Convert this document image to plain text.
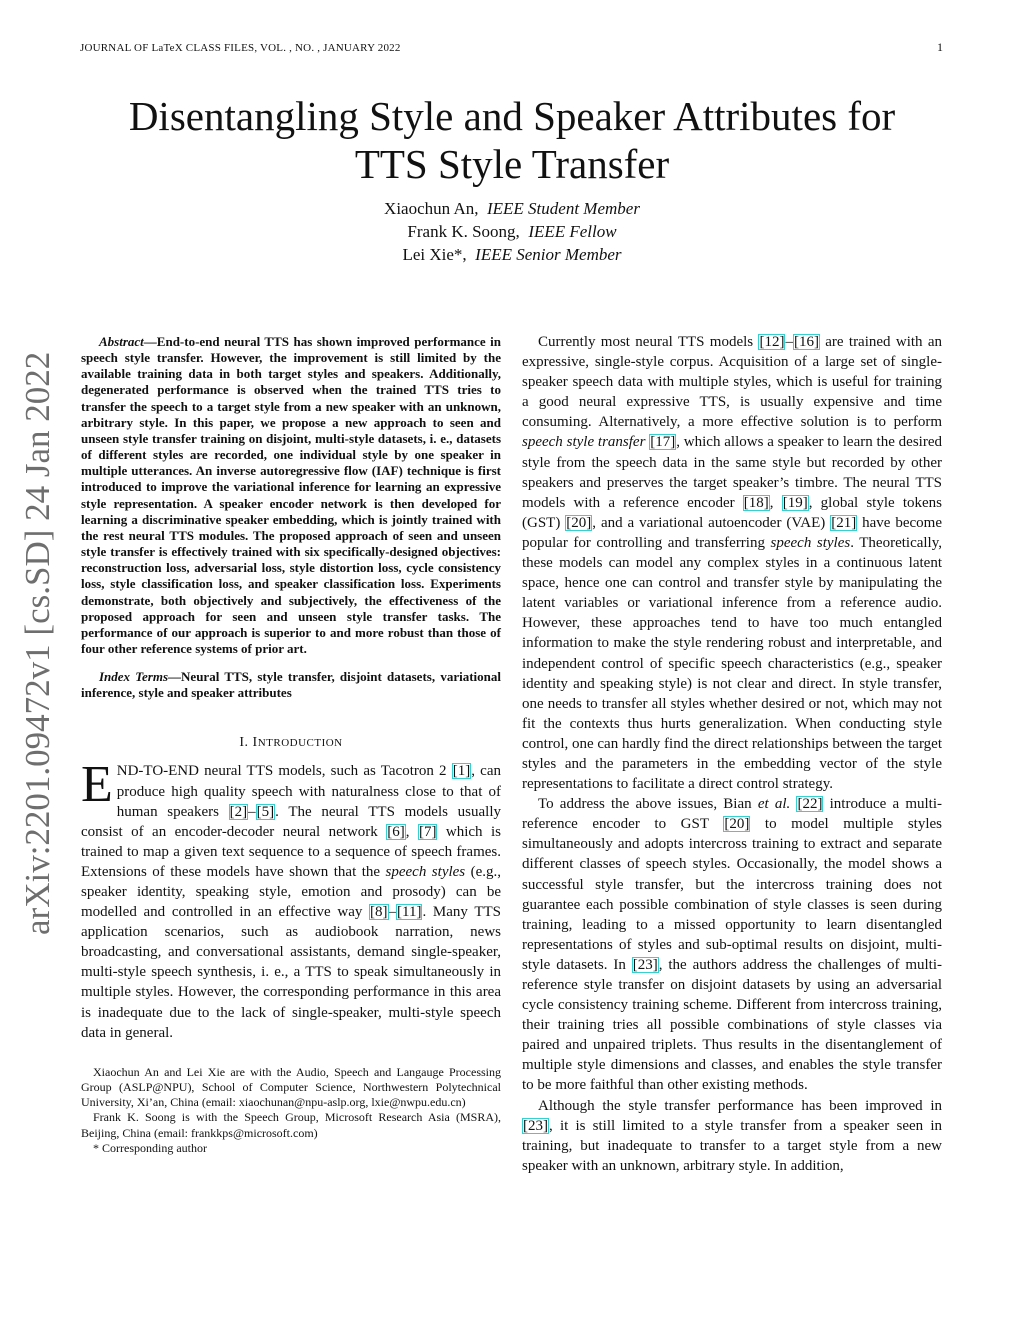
JOURNAL OF LaTeX CLASS FILES, VOL. , NO. , JANUARY 2022	1
Disentangling Style and Speaker Attributes for
TTS Style Transfer
Xiaochun An, IEEE Student Member
Frank K. Soong, IEEE Fellow
Lei Xie*, IEEE Senior Member
arXiv:2201.09472v1 [cs.SD] 24 Jan 2022

Abstract—End-to-end neural TTS has shown improved performance in speech style transfer. However, the improvement is still limited by the available training data in both target styles and speakers. Additionally, degenerated performance is observed when the trained TTS tries to transfer the speech to a target style from a new speaker with an unknown, arbitrary style. In this paper, we propose a new approach to seen and unseen style transfer training on disjoint, multi-style datasets, i. e., datasets of different styles are recorded, one individual style by one speaker in multiple utterances. An inverse autoregressive flow (IAF) technique is first introduced to improve the variational inference for learning an expressive style representation. A speaker encoder network is then developed for learning a discriminative speaker embedding, which is jointly trained with the rest neural TTS modules. The proposed approach of seen and unseen style transfer is effectively trained with six specifically-designed objectives: reconstruction loss, adversarial loss, style distortion loss, cycle consistency loss, style classification loss, and speaker classification loss. Experiments demonstrate, both objectively and subjectively, the effectiveness of the proposed approach for seen and unseen style transfer tasks. The performance of our approach is superior to and more robust than those of four other reference systems of prior art.

Index Terms—Neural TTS, style transfer, disjoint datasets, variational inference, style and speaker attributes

I. INTRODUCTION

END-TO-END neural TTS models, such as Tacotron 2 [1], can produce high quality speech with naturalness close to that of human speakers [2]–[5]. The neural TTS models usually consist of an encoder-decoder neural network [6], [7] which is trained to map a given text sequence to a sequence of speech frames. Extensions of these models have shown that the speech styles (e.g., speaker identity, speaking style, emotion and prosody) can be modelled and controlled in an effective way [8]–[11]. Many TTS application scenarios, such as audiobook narration, news broadcasting, and conversational assistants, demand single-speaker, multi-style speech synthesis, i. e., a TTS to speak simultaneously in multiple styles. However, the corresponding performance in this area is inadequate due to the lack of single-speaker, multi-style speech data in general.

Xiaochun An and Lei Xie are with the Audio, Speech and Langauge Processing Group (ASLP@NPU), School of Computer Science, Northwestern Polytechnical University, Xi’an, China (email: xiaochunan@npu-aslp.org, lxie@nwpu.edu.cn)

Frank K. Soong is with the Speech Group, Microsoft Research Asia (MSRA), Beijing, China (email: frankkps@microsoft.com)

* Corresponding author

Currently most neural TTS models [12]–[16] are trained with an expressive, single-style corpus. Acquisition of a large set of single-speaker speech data with multiple styles, which is useful for training a good neural expressive TTS, is usually expensive and time consuming. Alternatively, a more effective solution is to perform speech style transfer [17], which allows a speaker to learn the desired style from the speech data in the same style but recorded by other speakers and preserves the target speaker’s timbre. The neural TTS models with a reference encoder [18], [19], global style tokens (GST) [20], and a variational autoencoder (VAE) [21] have become popular for controlling and transferring speech styles. Theoretically, these models can model any complex styles in a continuous latent space, hence one can control and transfer style by manipulating the latent variables or variational inference from a reference audio. However, these approaches tend to have too much entangled information to make the style rendering robust and interpretable, and independent control of specific speech characteristics (e.g., speaker identity and speaking style) is not clear and direct. In style transfer, one needs to transfer all styles whether desired or not, which may not fit the contexts thus hurts generalization. When conducting style control, one can hardly find the direct relationships between the target styles and the parameters in the embedding vector of the style representations to facilitate a direct control strategy.

To address the above issues, Bian et al. [22] introduce a multi-reference encoder to GST [20] to model multiple styles simultaneously and adopts intercross training to extract and separate different classes of speech styles. Occasionally, the model shows a successful style transfer, but the intercross training does not guarantee each possible combination of style classes is seen during training, leading to a missed opportunity to learn disentangled representations of styles and sub-optimal results on disjoint, multi-style datasets. In [23], the authors address the challenges of multi-reference style transfer on disjoint datasets by using an adversarial cycle consistency training scheme. Different from intercross training, their training tries all possible combinations of style classes via paired and unpaired triplets. Thus results in the disentanglement of multiple style dimensions and classes, and enables the style transfer to be more faithful than other existing methods.

Although the style transfer performance has been improved in [23], it is still limited to a style transfer from a speaker seen in training, but inadequate to transfer to a target style from a new speaker with an unknown, arbitrary style. In addition,
